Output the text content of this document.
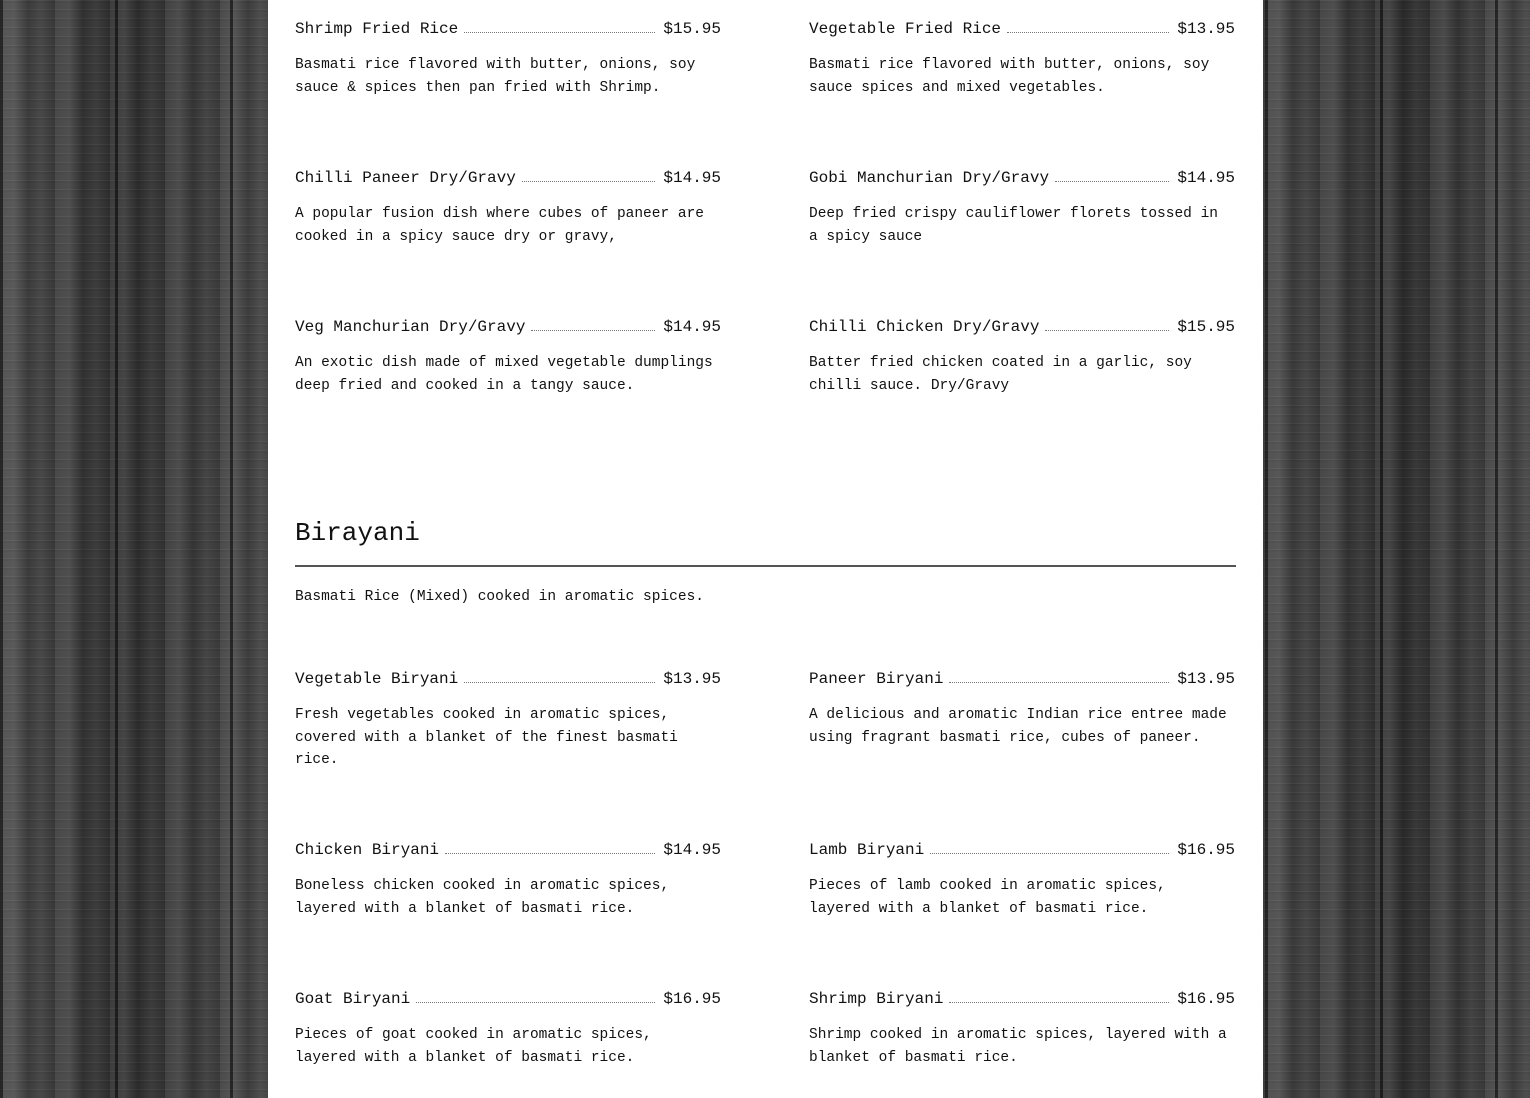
Shrimp Fried Rice	$15.95
Basmati rice flavored with butter, onions, soy sauce & spices then pan fried with Shrimp.
Vegetable Fried Rice	$13.95
Basmati rice flavored with butter, onions, soy sauce spices and mixed vegetables.
Chilli Paneer Dry/Gravy	$14.95
A popular fusion dish where cubes of paneer are cooked in a spicy sauce dry or gravy,
Gobi Manchurian Dry/Gravy	$14.95
Deep fried crispy cauliflower florets tossed in a spicy sauce
Veg Manchurian Dry/Gravy	$14.95
An exotic dish made of mixed vegetable dumplings deep fried and cooked in a tangy sauce.
Chilli Chicken Dry/Gravy	$15.95
Batter fried chicken coated in a garlic, soy chilli sauce. Dry/Gravy
Birayani
Basmati Rice (Mixed) cooked in aromatic spices.
Vegetable Biryani	$13.95
Fresh vegetables cooked in aromatic spices, covered with a blanket of the finest basmati rice.
Paneer Biryani	$13.95
A delicious and aromatic Indian rice entree made using fragrant basmati rice, cubes of paneer.
Chicken Biryani	$14.95
Boneless chicken cooked in aromatic spices, layered with a blanket of basmati rice.
Lamb Biryani	$16.95
Pieces of lamb cooked in aromatic spices, layered with a blanket of basmati rice.
Goat Biryani	$16.95
Pieces of goat cooked in aromatic spices, layered with a blanket of basmati rice.
Shrimp Biryani	$16.95
Shrimp cooked in aromatic spices, layered with a blanket of basmati rice.
